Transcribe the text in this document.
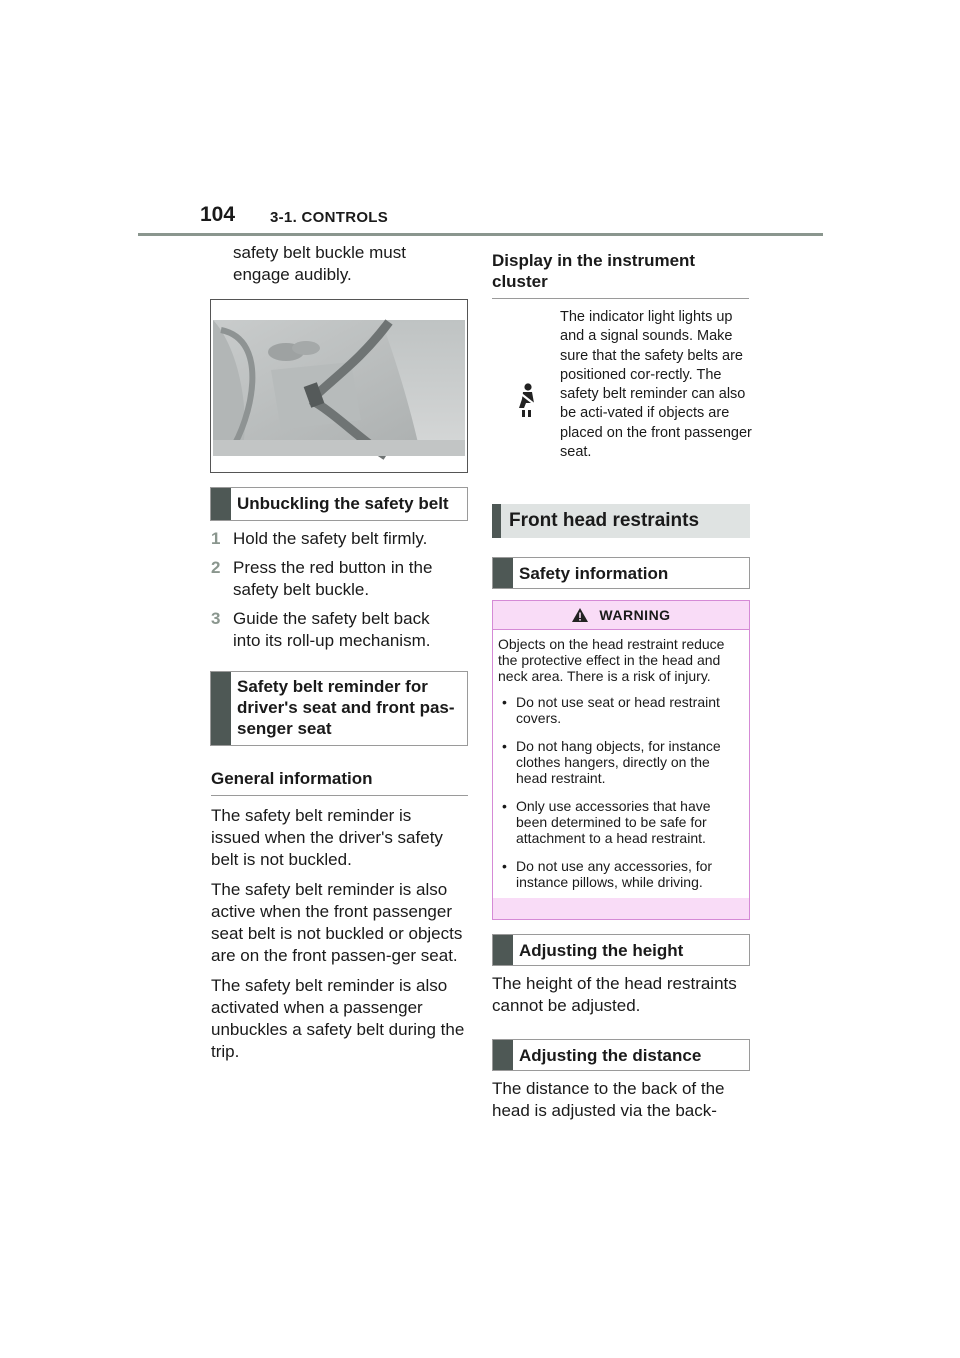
104 3-1. CONTROLS
safety belt buckle must engage audibly.
Unbuckling the safety belt
1 Hold the safety belt firmly.
2 Press the red button in the safety belt buckle.
3 Guide the safety belt back into its roll-up mechanism.
Safety belt reminder for driver's seat and front pas-senger seat
General information

The safety belt reminder is issued when the driver's safety belt is not buckled.

The safety belt reminder is also active when the front passenger seat belt is not buckled or objects are on the front passen-ger seat.

The safety belt reminder is also activated when a passenger unbuckles a safety belt during the trip.

Display in the instrument cluster
The indicator light lights up and a signal sounds. Make sure that the safety belts are positioned cor-rectly. The safety belt reminder can also be acti-vated if objects are placed on the front passenger seat.
Front head restraints
Safety information
WARNING

Objects on the head restraint reduce the protective effect in the head and neck area. There is a risk of injury.

• Do not use seat or head restraint covers.
• Do not hang objects, for instance clothes hangers, directly on the head restraint.
• Only use accessories that have been determined to be safe for attachment to a head restraint.
• Do not use any accessories, for instance pillows, while driving.
Adjusting the height
The height of the head restraints cannot be adjusted.
Adjusting the distance
The distance to the back of the head is adjusted via the back-
